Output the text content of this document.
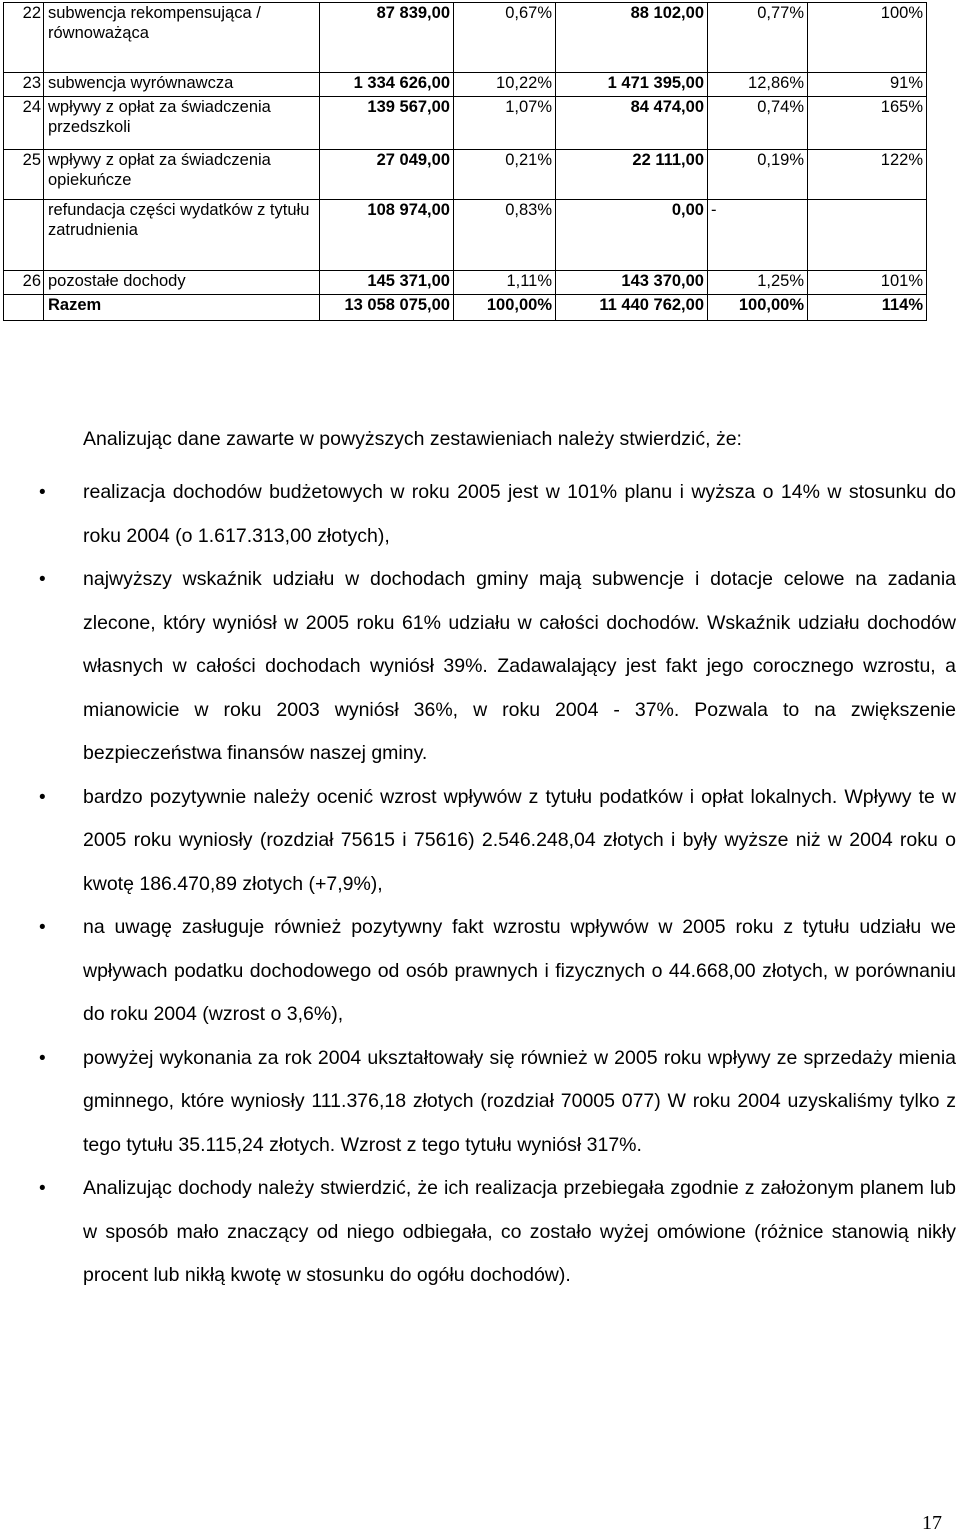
22	subwencja rekompensująca / równoważąca	87 839,00	0,67%	88 102,00	0,77%	100%
23	subwencja wyrównawcza	1 334 626,00	10,22%	1 471 395,00	12,86%	91%
24	wpływy z opłat za świadczenia przedszkoli	139 567,00	1,07%	84 474,00	0,74%	165%
25	wpływy z opłat za świadczenia opiekuńcze	27 049,00	0,21%	22 111,00	0,19%	122%
	refundacja części wydatków z tytułu zatrudnienia	108 974,00	0,83%	0,00	-	
26	pozostałe dochody	145 371,00	1,11%	143 370,00	1,25%	101%
	Razem	13 058 075,00	100,00%	11 440 762,00	100,00%	114%
Analizując dane zawarte w powyższych zestawieniach należy stwierdzić, że:
• realizacja dochodów budżetowych w roku 2005 jest w 101% planu i wyższa o 14% w stosunku do roku 2004 (o 1.617.313,00 złotych),
• najwyższy wskaźnik udziału w dochodach gminy mają subwencje i dotacje celowe na zadania zlecone, który wyniósł w 2005 roku 61% udziału w całości dochodów. Wskaźnik udziału dochodów własnych w całości dochodach wyniósł 39%. Zadawalający jest fakt jego corocznego wzrostu, a mianowicie w roku 2003 wyniósł 36%, w roku 2004 - 37%. Pozwala to na zwiększenie bezpieczeństwa finansów naszej gminy.
• bardzo pozytywnie należy ocenić wzrost wpływów z tytułu podatków i opłat lokalnych. Wpływy te w 2005 roku wyniosły (rozdział 75615 i 75616) 2.546.248,04 złotych i były wyższe niż w 2004 roku o kwotę 186.470,89 złotych (+7,9%),
• na uwagę zasługuje również pozytywny fakt wzrostu wpływów w 2005 roku z tytułu udziału we wpływach podatku dochodowego od osób prawnych i fizycznych o 44.668,00 złotych, w porównaniu do roku 2004 (wzrost o 3,6%),
• powyżej wykonania za rok 2004 ukształtowały się również w 2005 roku wpływy ze sprzedaży mienia gminnego, które wyniosły 111.376,18 złotych (rozdział 70005 077) W roku 2004 uzyskaliśmy tylko z tego tytułu 35.115,24 złotych. Wzrost z tego tytułu wyniósł 317%.
• Analizując dochody należy stwierdzić, że ich realizacja przebiegała zgodnie z założonym planem lub w sposób mało znaczący od niego odbiegała, co zostało wyżej omówione (różnice stanowią nikły procent lub nikłą kwotę w stosunku do ogółu dochodów).
17
